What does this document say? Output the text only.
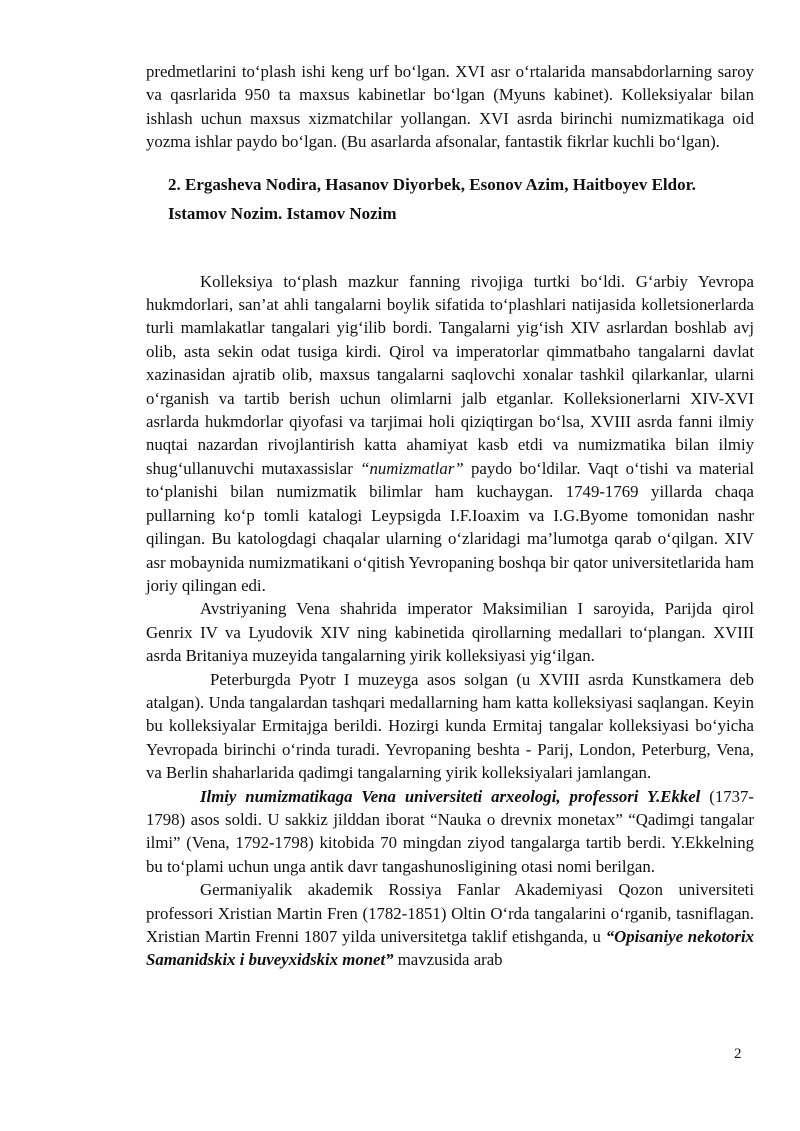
predmetlarini to‘plash ishi keng urf bo‘lgan. XVI asr o‘rtalarida mansabdorlarning saroy va qasrlarida 950 ta maxsus kabinetlar bo‘lgan (Myuns kabinet). Kolleksiyalar bilan ishlash uchun maxsus xizmatchilar yollangan. XVI asrda birinchi numizmatikaga oid yozma ishlar paydo bo‘lgan. (Bu asarlarda afsonalar, fantastik fikrlar kuchli bo‘lgan).

2. Ergasheva Nodira, Hasanov Diyorbek, Esonov Azim, Haitboyev Eldor. Istamov Nozim. Istamov Nozim

Kolleksiya to‘plash mazkur fanning rivojiga turtki bo‘ldi. G‘arbiy Yevropa hukmdorlari, san’at ahli tangalarni boylik sifatida to‘plashlari natijasida kolletsionerlarda turli mamlakatlar tangalari yig‘ilib bordi. Tangalarni yig‘ish XIV asrlardan boshlab avj olib, asta sekin odat tusiga kirdi. Qirol va imperatorlar qimmatbaho tangalarni davlat xazinasidan ajratib olib, maxsus tangalarni saqlovchi xonalar tashkil qilarkanlar, ularni o‘rganish va tartib berish uchun olimlarni jalb etganlar. Kolleksionerlarni XIV-XVI asrlarda hukmdorlar qiyofasi va tarjimai holi qiziqtirgan bo‘lsa, XVIII asrda fanni ilmiy nuqtai nazardan rivojlantirish katta ahamiyat kasb etdi va numizmatika bilan ilmiy shug‘ullanuvchi mutaxassislar “numizmatlar” paydo bo‘ldilar. Vaqt o‘tishi va material to‘planishi bilan numizmatik bilimlar ham kuchaygan. 1749-1769 yillarda chaqa pullarning ko‘p tomli katalogi Leypsigda I.F.Ioaxim va I.G.Byome tomonidan nashr qilingan. Bu katologdagi chaqalar ularning o‘zlaridagi ma’lumotga qarab o‘qilgan. XIV asr mobaynida numizmatikani o‘qitish Yevropaning boshqa bir qator universitetlarida ham joriy qilingan edi.

Avstriyaning Vena shahrida imperator Maksimilian I saroyida, Parijda qirol Genrix IV va Lyudovik XIV ning kabinetida qirollarning medallari to‘plangan. XVIII asrda Britaniya muzeyida tangalarning yirik kolleksiyasi yig‘ilgan.

Peterburgda Pyotr I muzeyga asos solgan (u XVIII asrda Kunstkamera deb atalgan). Unda tangalardan tashqari medallarning ham katta kolleksiyasi saqlangan. Keyin bu kolleksiyalar Ermitajga berildi. Hozirgi kunda Ermitaj tangalar kolleksiyasi bo‘yicha Yevropada birinchi o‘rinda turadi. Yevropaning beshta - Parij, London, Peterburg, Vena, va Berlin shaharlarida qadimgi tangalarning yirik kolleksiyalari jamlangan.

Ilmiy numizmatikaga Vena universiteti arxeologi, professori Y.Ekkel (1737-1798) asos soldi. U sakkiz jilddan iborat “Nauka o drevnix monetax” “Qadimgi tangalar ilmi” (Vena, 1792-1798) kitobida 70 mingdan ziyod tangalarga tartib berdi. Y.Ekkelning bu to‘plami uchun unga antik davr tangashunosligining otasi nomi berilgan.

Germaniyalik akademik Rossiya Fanlar Akademiyasi Qozon universiteti professori Xristian Martin Fren (1782-1851) Oltin O‘rda tangalarini o‘rganib, tasniflagan. Xristian Martin Frenni 1807 yilda universitetga taklif etishganda, u “Opisaniye nekotorix Samanidskix i buveyxidskix monet” mavzusida arab

2
